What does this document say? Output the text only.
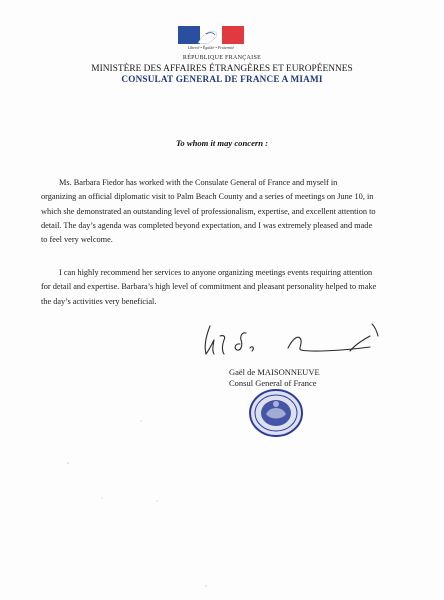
Liberté • Égalité • Fraternité
RÉPUBLIQUE FRANÇAISE
MINISTÈRE DES AFFAIRES ÉTRANGÈRES ET EUROPÉENNES
CONSULAT GENERAL DE FRANCE A MIAMI
To whom it may concern :
Ms. Barbara Fiedor has worked with the Consulate General of France and myself in
organizing an official diplomatic visit to Palm Beach County and a series of meetings on June 10, in
which she demonstrated an outstanding level of professionalism, expertise, and excellent attention to
detail. The day’s agenda was completed beyond expectation, and I was extremely pleased and made
to feel very welcome.
I can highly recommend her services to anyone organizing meetings events requiring attention
for detail and expertise. Barbara’s high level of commitment and pleasant personality helped to make
the day’s activities very beneficial.
Gaël de MAISONNEUVE
Consul General of France
